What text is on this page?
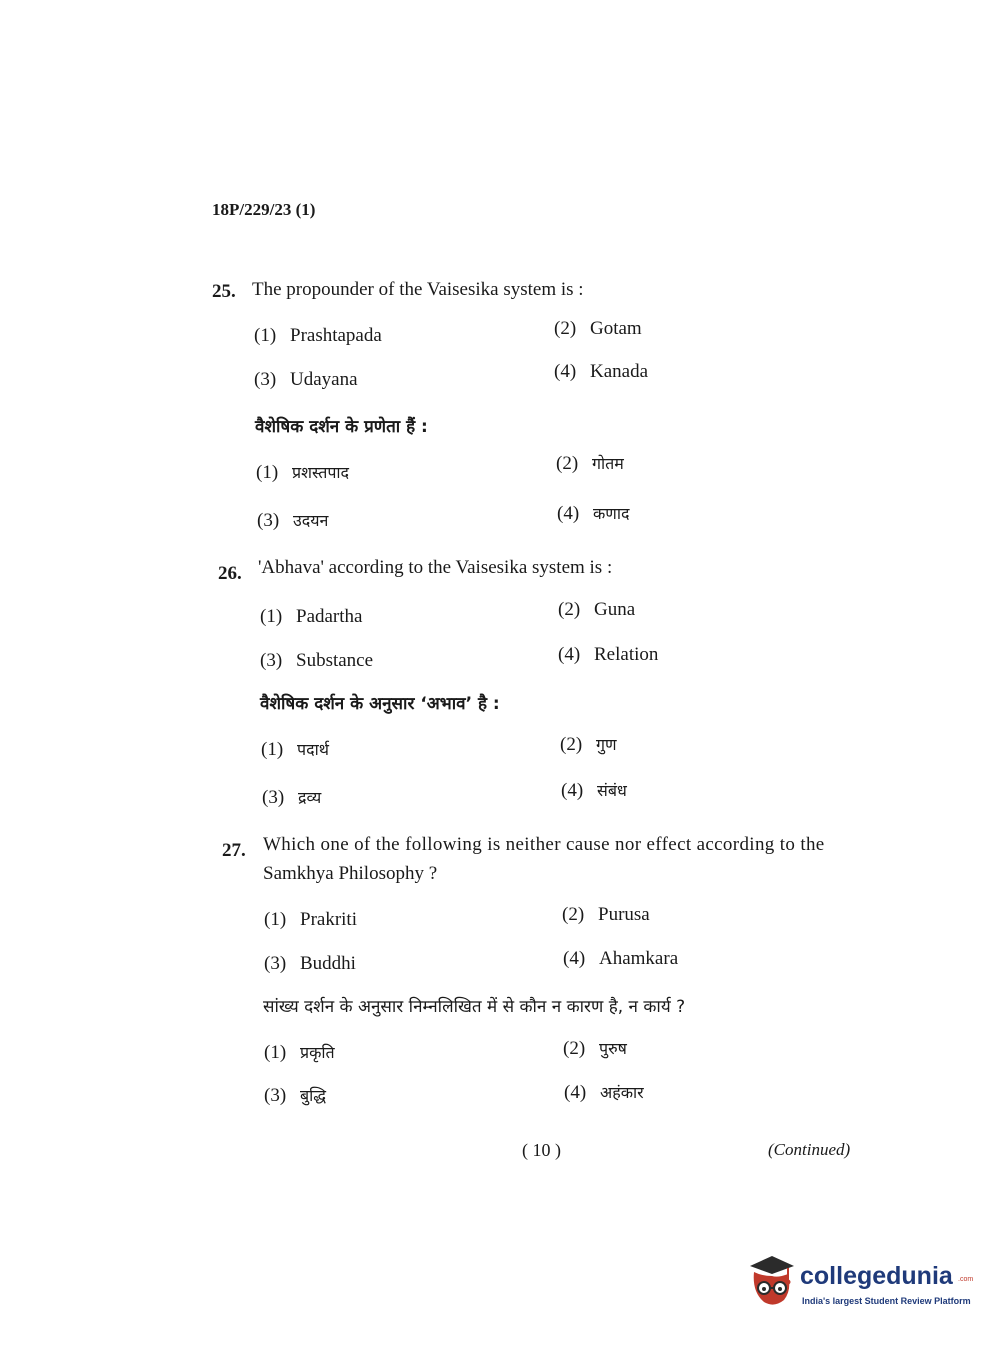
18P/229/23 (1)
25. The propounder of the Vaisesika system is :
(1) Prashtapada	(2) Gotam
(3) Udayana	(4) Kanada
वैशेषिक दर्शन के प्रणेता हैं :
(1) प्रशस्तपाद	(2) गोतम
(3) उदयन	(4) कणाद
26. 'Abhava' according to the Vaisesika system is :
(1) Padartha	(2) Guna
(3) Substance	(4) Relation
वैशेषिक दर्शन के अनुसार ‘अभाव’ है :
(1) पदार्थ	(2) गुण
(3) द्रव्य	(4) संबंध
27. Which one of the following is neither cause nor effect according to the
Samkhya Philosophy ?
(1) Prakriti	(2) Purusa
(3) Buddhi	(4) Ahamkara
सांख्य दर्शन के अनुसार निम्नलिखित में से कौन न कारण है, न कार्य ?
(1) प्रकृति	(2) पुरुष
(3) बुद्धि	(4) अहंकार
( 10 )	(Continued)
collegedunia .com
India's largest Student Review Platform
